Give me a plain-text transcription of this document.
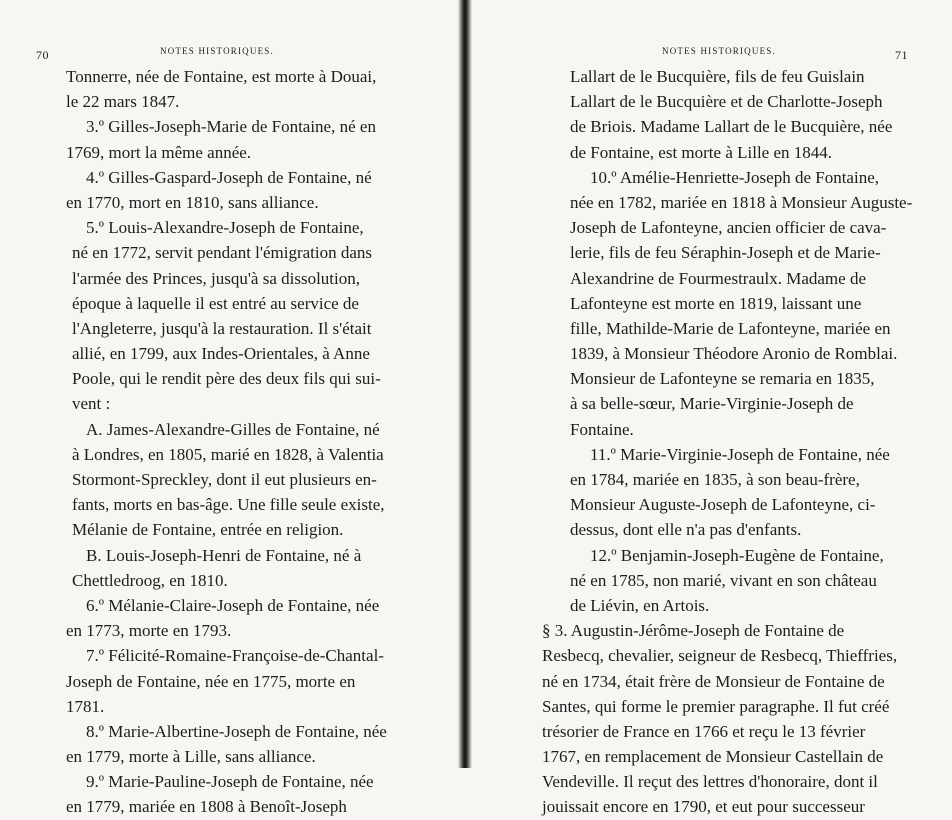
70	NOTES HISTORIQUES.
Tonnerre, née de Fontaine, est morte à Douai,
le 22 mars 1847.
3.º Gilles-Joseph-Marie de Fontaine, né en
1769, mort la même année.
4.º Gilles-Gaspard-Joseph de Fontaine, né
en 1770, mort en 1810, sans alliance.
5.º Louis-Alexandre-Joseph de Fontaine,
né en 1772, servit pendant l'émigration dans
l'armée des Princes, jusqu'à sa dissolution,
époque à laquelle il est entré au service de
l'Angleterre, jusqu'à la restauration. Il s'était
allié, en 1799, aux Indes-Orientales, à Anne
Poole, qui le rendit père des deux fils qui sui-
vent :
A. James-Alexandre-Gilles de Fontaine, né
à Londres, en 1805, marié en 1828, à Valentia
Stormont-Spreckley, dont il eut plusieurs en-
fants, morts en bas-âge. Une fille seule existe,
Mélanie de Fontaine, entrée en religion.
B. Louis-Joseph-Henri de Fontaine, né à
Chettledroog, en 1810.
6.º Mélanie-Claire-Joseph de Fontaine, née
en 1773, morte en 1793.
7.º Félicité-Romaine-Françoise-de-Chantal-
Joseph de Fontaine, née en 1775, morte en
1781.
8.º Marie-Albertine-Joseph de Fontaine, née
en 1779, morte à Lille, sans alliance.
9.º Marie-Pauline-Joseph de Fontaine, née
en 1779, mariée en 1808 à Benoît-Joseph
NOTES HISTORIQUES.	71
Lallart de le Bucquière, fils de feu Guislain
Lallart de le Bucquière et de Charlotte-Joseph
de Briois. Madame Lallart de le Bucquière, née
de Fontaine, est morte à Lille en 1844.
10.º Amélie-Henriette-Joseph de Fontaine,
née en 1782, mariée en 1818 à Monsieur Auguste-
Joseph de Lafonteyne, ancien officier de cava-
lerie, fils de feu Séraphin-Joseph et de Marie-
Alexandrine de Fourmestraulx. Madame de
Lafonteyne est morte en 1819, laissant une
fille, Mathilde-Marie de Lafonteyne, mariée en
1839, à Monsieur Théodore Aronio de Romblai.
Monsieur de Lafonteyne se remaria en 1835,
à sa belle-sœur, Marie-Virginie-Joseph de
Fontaine.
11.º Marie-Virginie-Joseph de Fontaine, née
en 1784, mariée en 1835, à son beau-frère,
Monsieur Auguste-Joseph de Lafonteyne, ci-
dessus, dont elle n'a pas d'enfants.
12.º Benjamin-Joseph-Eugène de Fontaine,
né en 1785, non marié, vivant en son château
de Liévin, en Artois.
§ 3. Augustin-Jérôme-Joseph de Fontaine de
Resbecq, chevalier, seigneur de Resbecq, Thieffries,
né en 1734, était frère de Monsieur de Fontaine de
Santes, qui forme le premier paragraphe. Il fut créé
trésorier de France en 1766 et reçu le 13 février
1767, en remplacement de Monsieur Castellain de
Vendeville. Il reçut des lettres d'honoraire, dont il
jouissait encore en 1790, et eut pour successeur
